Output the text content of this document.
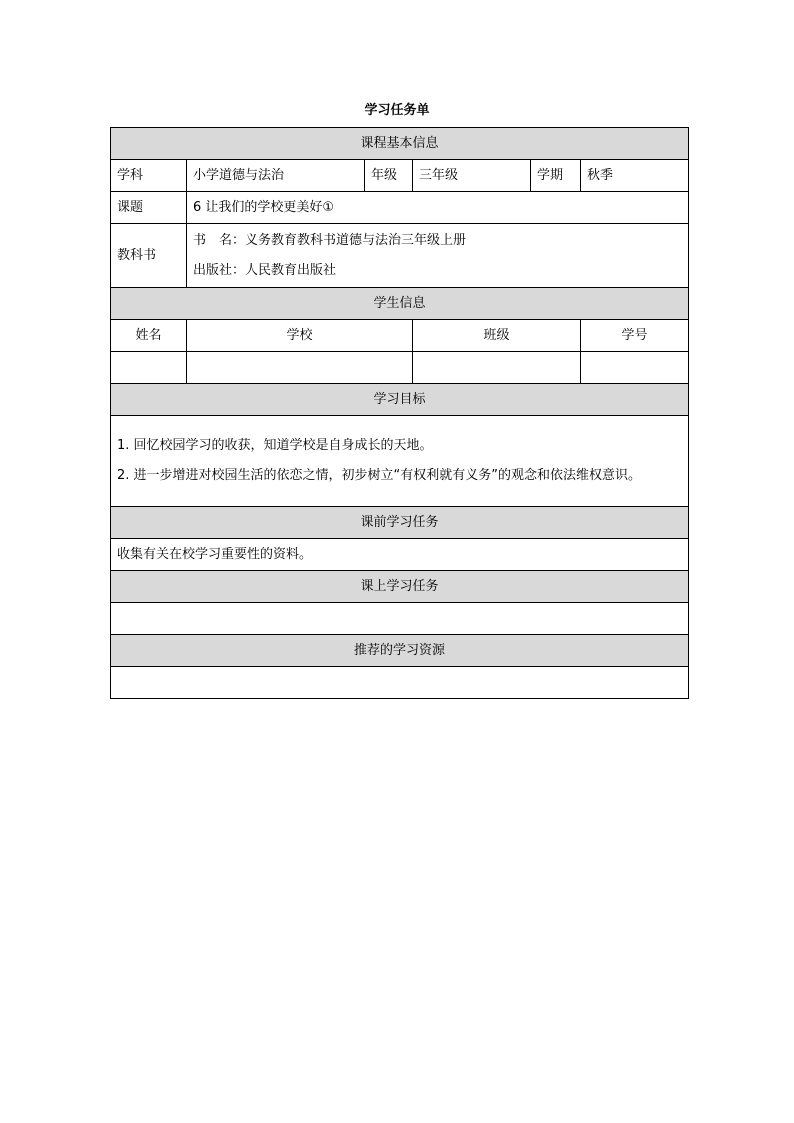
学习任务单
课程基本信息					
学科	小学道德与法治	年级	三年级	学期	秋季
课题	6 让我们的学校更美好①				

教科书	书　名：义务教育教科书道德与法治三年级上册
出版社：人民教育出版社				

学生信息					
姓名	学校		班级		学号

学习目标					

1. 回忆校园学习的收获，知道学校是自身成长的天地。
2. 进一步增进对校园生活的依恋之情，初步树立“有权利就有义务”的观念和依法维权意识。					

课前学习任务					
收集有关在校学习重要性的资料。					
课上学习任务					

推荐的学习资源					
